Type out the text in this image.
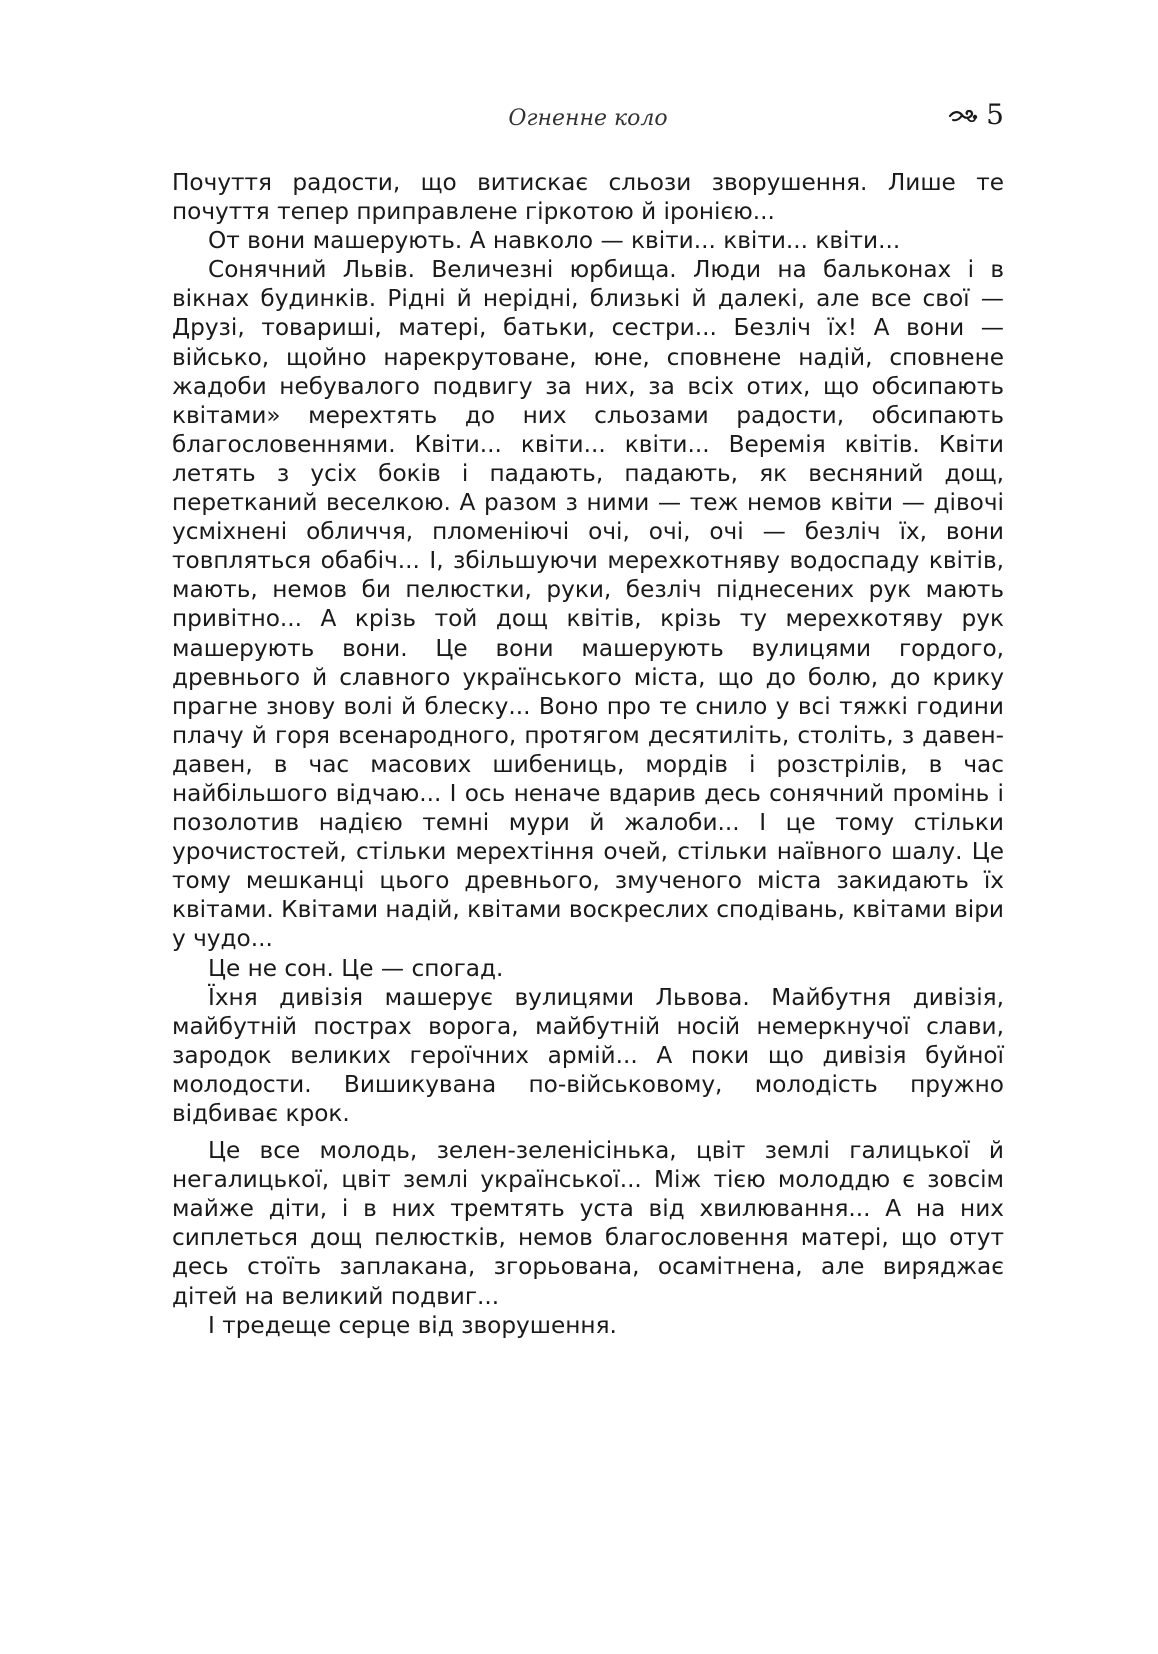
Огненне коло	5

Почуття радости, що витискає сльози зворушення. Лише те почуття тепер приправлене гіркотою й іронією...

От вони машерують. А навколо — квіти... квіти... квіти...

Сонячний Львів. Величезні юрбища. Люди на бальконах і в вікнах будинків. Рідні й нерідні, близькі й далекі, але все свої — Друзі, товариші, матері, батьки, сестри... Безліч їх! А вони — військо, щойно нарекрутоване, юне, сповнене надій, сповнене жадоби небувалого подвигу за них, за всіх отих, що обсипають квітами» мерехтять до них сльозами радости, обсипають благословеннями. Квіти... квіти... квіти... Веремія квітів. Квіти летять з усіх боків і падають, падають, як весняний дощ, перетканий веселкою. А разом з ними — теж немов квіти — дівочі усміхнені обличчя, пломеніючі очі, очі, очі — безліч їх, вони товпляться обабіч... І, збільшуючи мерехкотняву водоспаду квітів, мають, немов би пелюстки, руки, безліч піднесених рук мають привітно... А крізь той дощ квітів, крізь ту мерехкотяву рук машерують вони. Це вони машерують вулицями гордого, древнього й славного українського міста, що до болю, до крику прагне знову волі й блеску... Воно про те снило у всі тяжкі години плачу й горя всенародного, протягом десятиліть, століть, з давен-давен, в час масових шибениць, мордів і розстрілів, в час найбільшого відчаю... І ось неначе вдарив десь сонячний промінь і позолотив надією темні мури й жалоби... І це тому стільки урочистостей, стільки мерехтіння очей, стільки наївного шалу. Це тому мешканці цього древнього, змученого міста закидають їх квітами. Квітами надій, квітами воскреслих сподівань, квітами віри у чудо...

Це не сон. Це — спогад.

Їхня дивізія машерує вулицями Львова. Майбутня дивізія, майбутній пострах ворога, майбутній носій немеркнучої слави, зародок великих героїчних армій... А поки що дивізія буйної молодости. Вишикувана по-військовому, молодість пружно відбиває крок.

Це все молодь, зелен-зеленісінька, цвіт землі галицької й негалицької, цвіт землі української... Між тією молоддю є зовсім майже діти, і в них тремтять уста від хвилювання... А на них сиплеться дощ пелюстків, немов благословення матері, що отут десь стоїть заплакана, згорьована, осамітнена, але виряджає дітей на великий подвиг...

І тредеще серце від зворушення.
